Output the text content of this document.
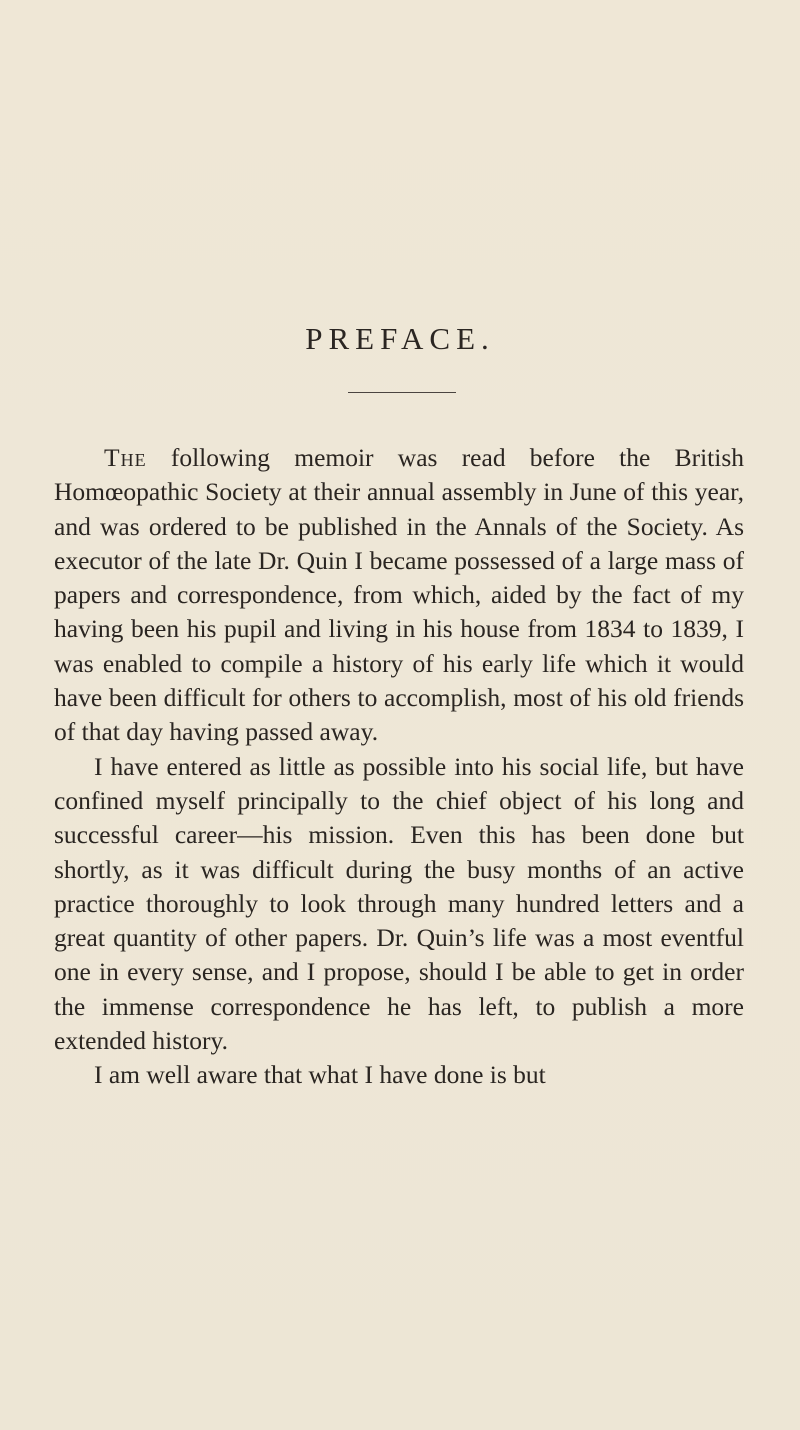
PREFACE.

The following memoir was read before the British Homœopathic Society at their annual assembly in June of this year, and was ordered to be published in the Annals of the Society. As executor of the late Dr. Quin I became possessed of a large mass of papers and correspondence, from which, aided by the fact of my having been his pupil and living in his house from 1834 to 1839, I was enabled to compile a history of his early life which it would have been difficult for others to accomplish, most of his old friends of that day having passed away.

I have entered as little as possible into his social life, but have confined myself principally to the chief object of his long and successful career—his mission. Even this has been done but shortly, as it was difficult during the busy months of an active practice thoroughly to look through many hundred letters and a great quantity of other papers. Dr. Quin’s life was a most eventful one in every sense, and I propose, should I be able to get in order the immense correspondence he has left, to publish a more extended history.

I am well aware that what I have done is but
